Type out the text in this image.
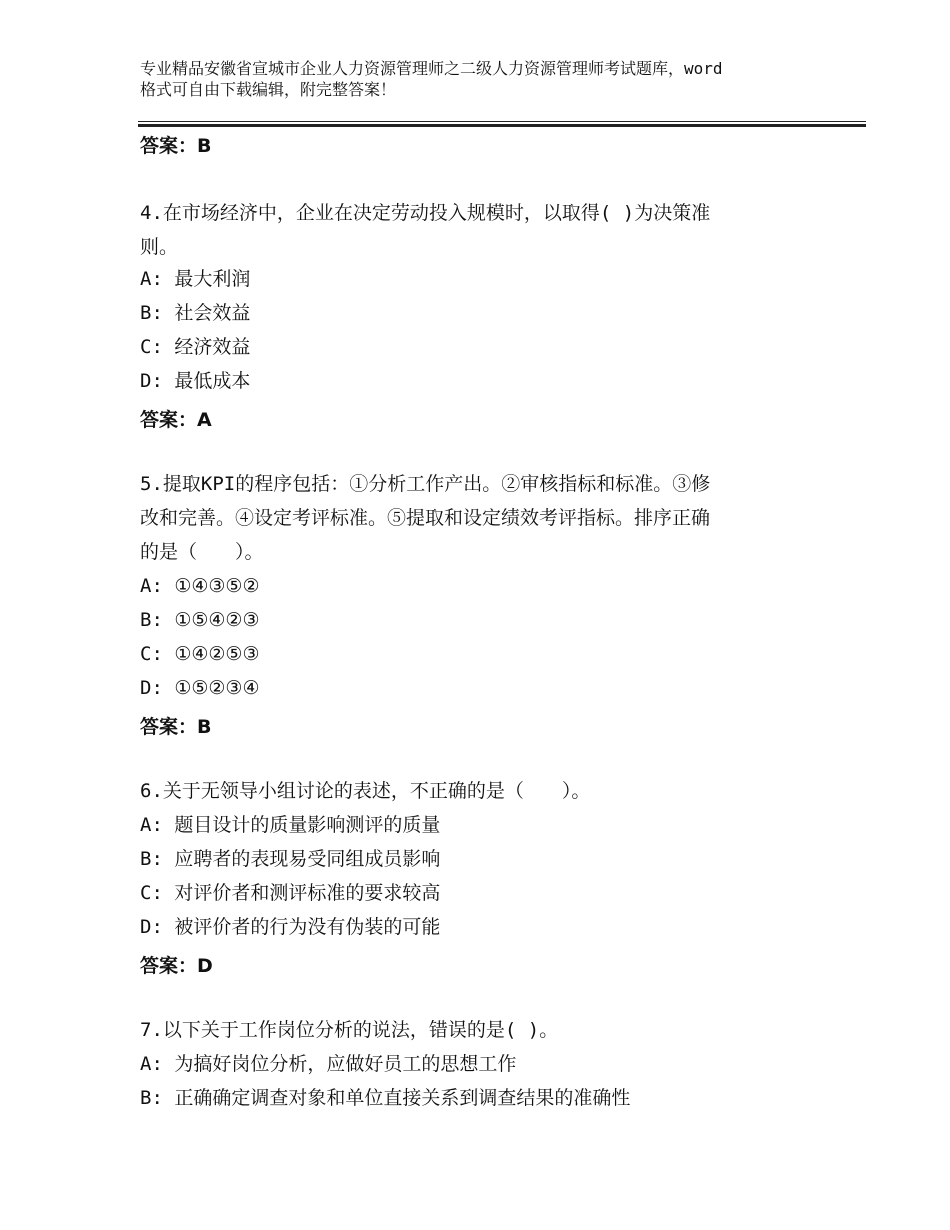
专业精品安徽省宣城市企业人力资源管理师之二级人力资源管理师考试题库，word
格式可自由下载编辑，附完整答案！
答案：B
4.在市场经济中，企业在决定劳动投入规模时，以取得( )为决策准
则。
A: 最大利润
B: 社会效益
C: 经济效益
D: 最低成本
答案：A
5.提取KPI的程序包括：①分析工作产出。②审核指标和标准。③修
改和完善。④设定考评标准。⑤提取和设定绩效考评指标。排序正确
的是（　　）。
A: ①④③⑤②
B: ①⑤④②③
C: ①④②⑤③
D: ①⑤②③④
答案：B
6.关于无领导小组讨论的表述，不正确的是（　　）。
A: 题目设计的质量影响测评的质量
B: 应聘者的表现易受同组成员影响
C: 对评价者和测评标准的要求较高
D: 被评价者的行为没有伪装的可能
答案：D
7.以下关于工作岗位分析的说法，错误的是( )。
A: 为搞好岗位分析，应做好员工的思想工作
B: 正确确定调查对象和单位直接关系到调查结果的准确性
